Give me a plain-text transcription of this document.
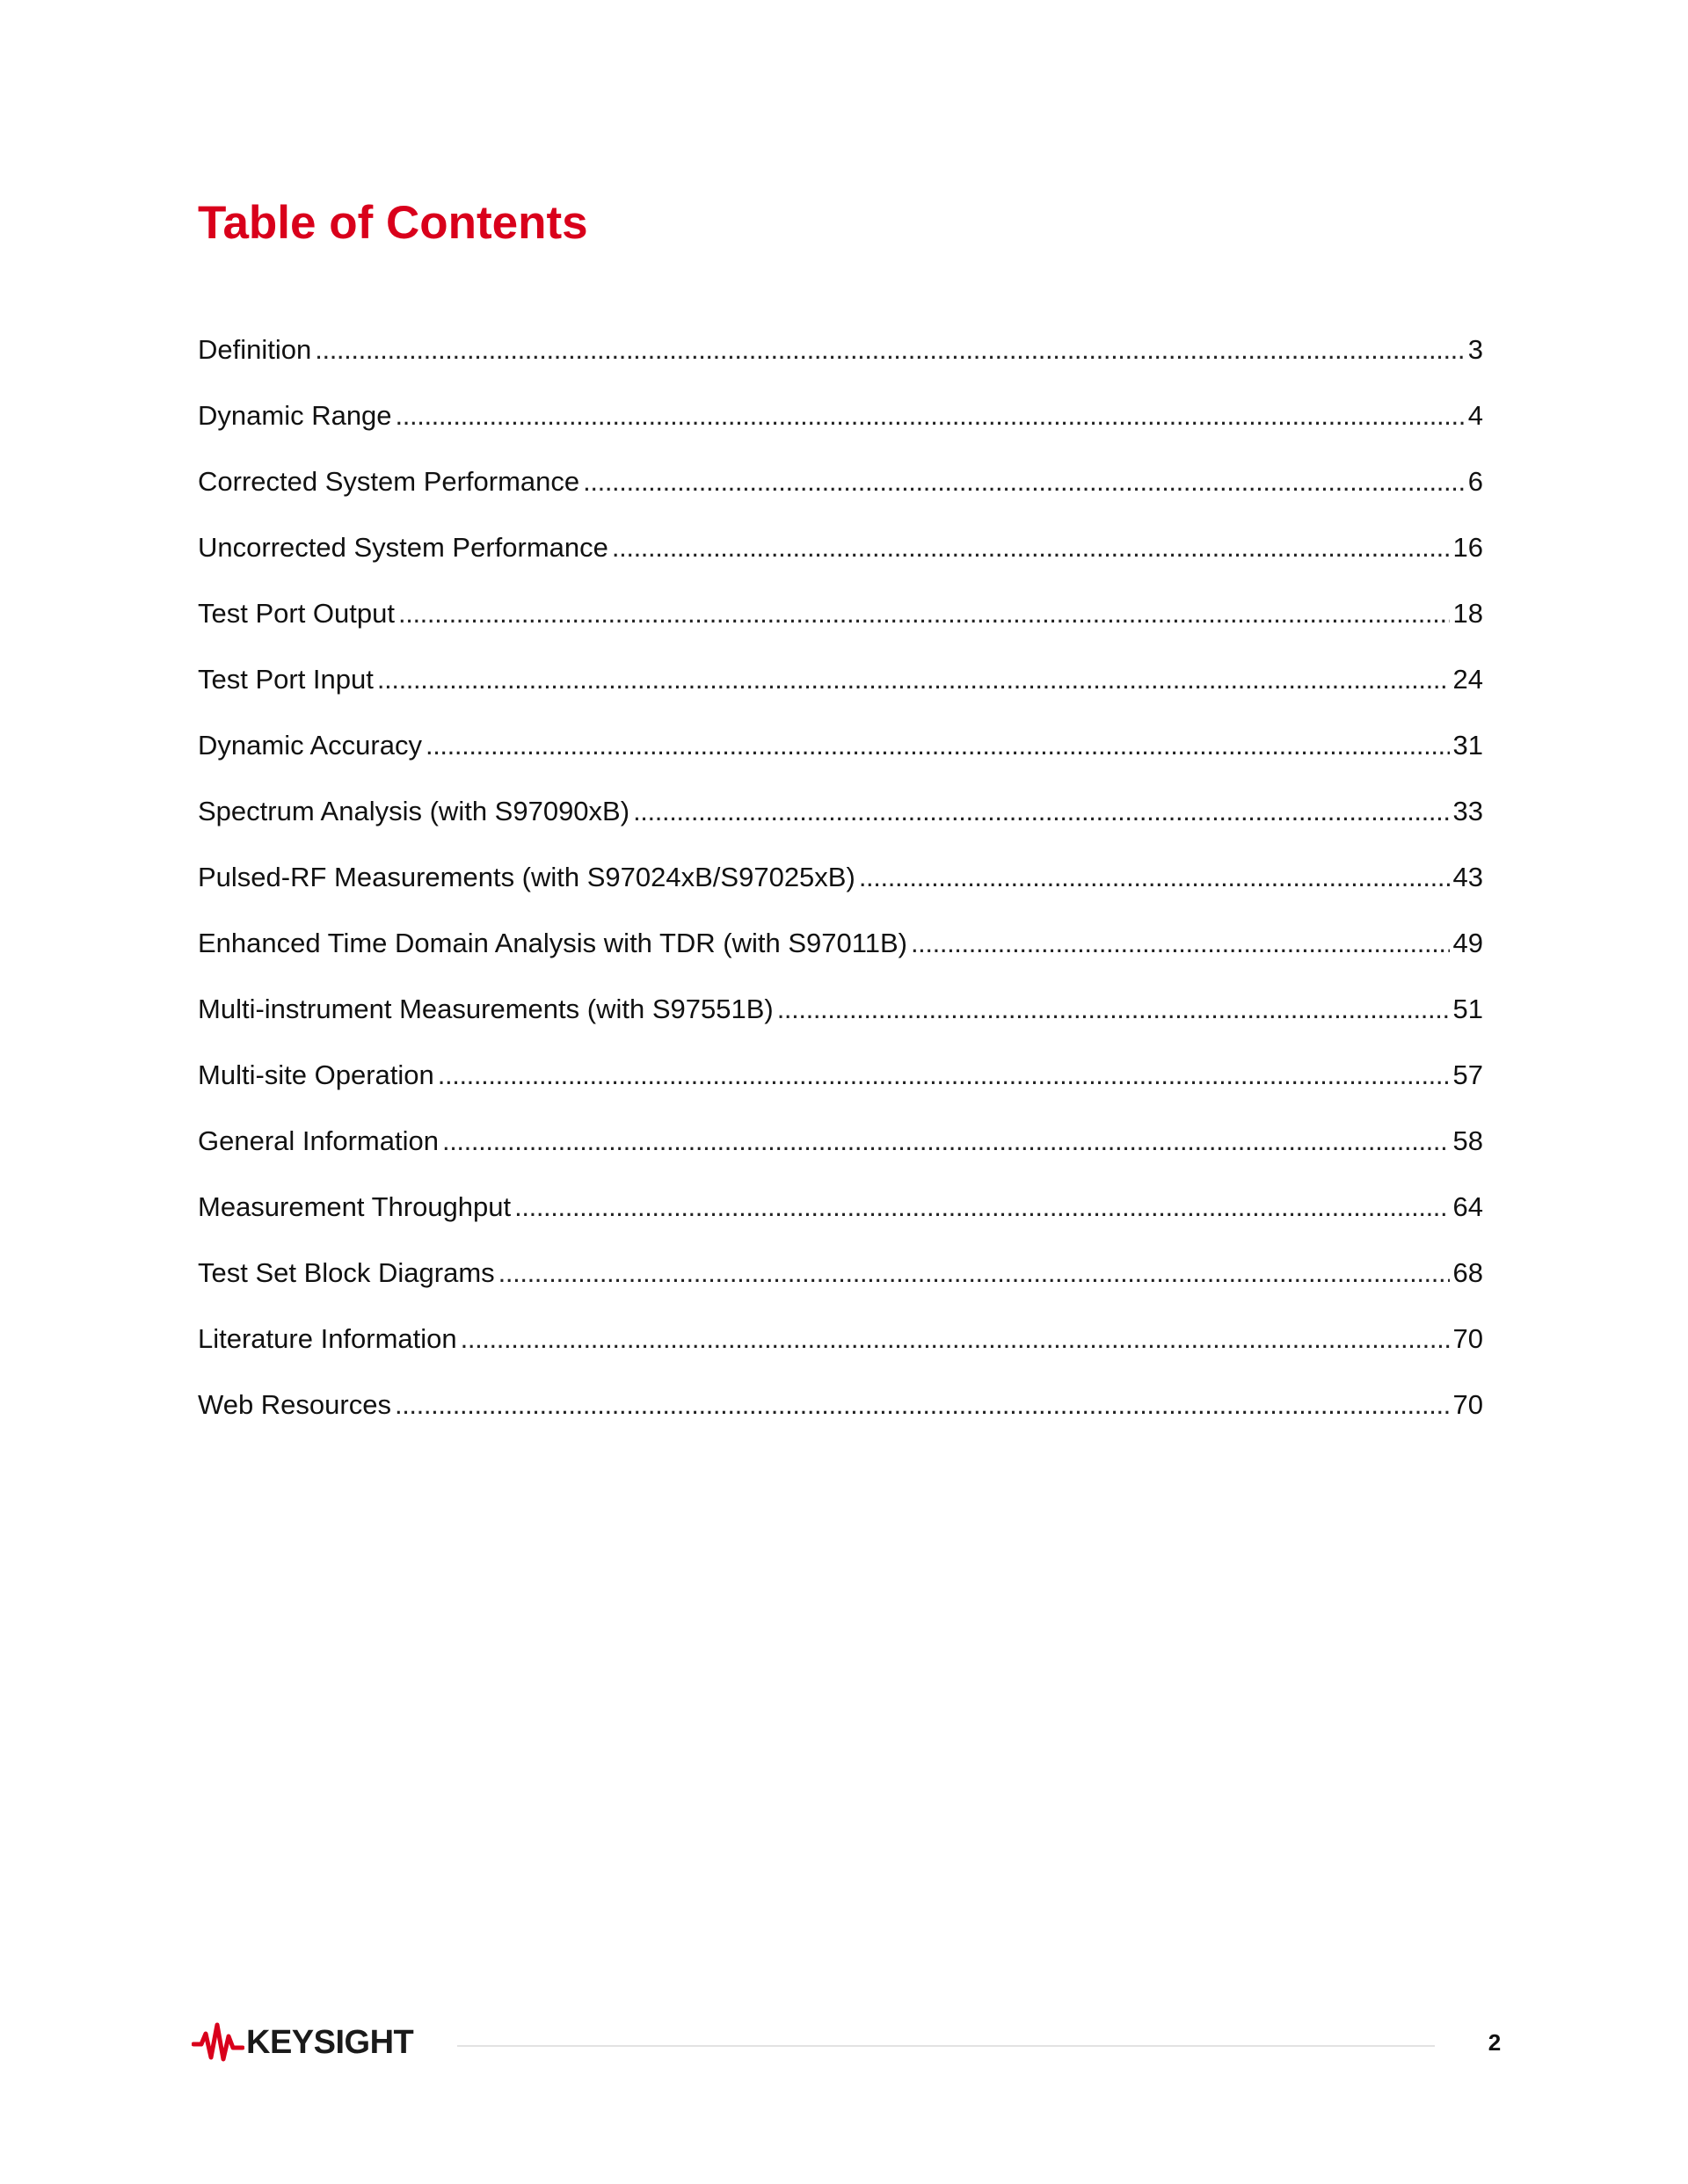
Table of Contents
Definition . . .	3
Dynamic Range . . .	4
Corrected System Performance . . .	6
Uncorrected System Performance . . .	16
Test Port Output . . .	18
Test Port Input . . .	24
Dynamic Accuracy . . .	31
Spectrum Analysis (with S97090xB) . . .	33
Pulsed-RF Measurements (with S97024xB/S97025xB) . . .	43
Enhanced Time Domain Analysis with TDR (with S97011B) . . .	49
Multi-instrument Measurements (with S97551B) . . .	51
Multi-site Operation . . .	57
General Information . . .	58
Measurement Throughput . . .	64
Test Set Block Diagrams . . .	68
Literature Information . . .	70
Web Resources . . .	70
KEYSIGHT	2
